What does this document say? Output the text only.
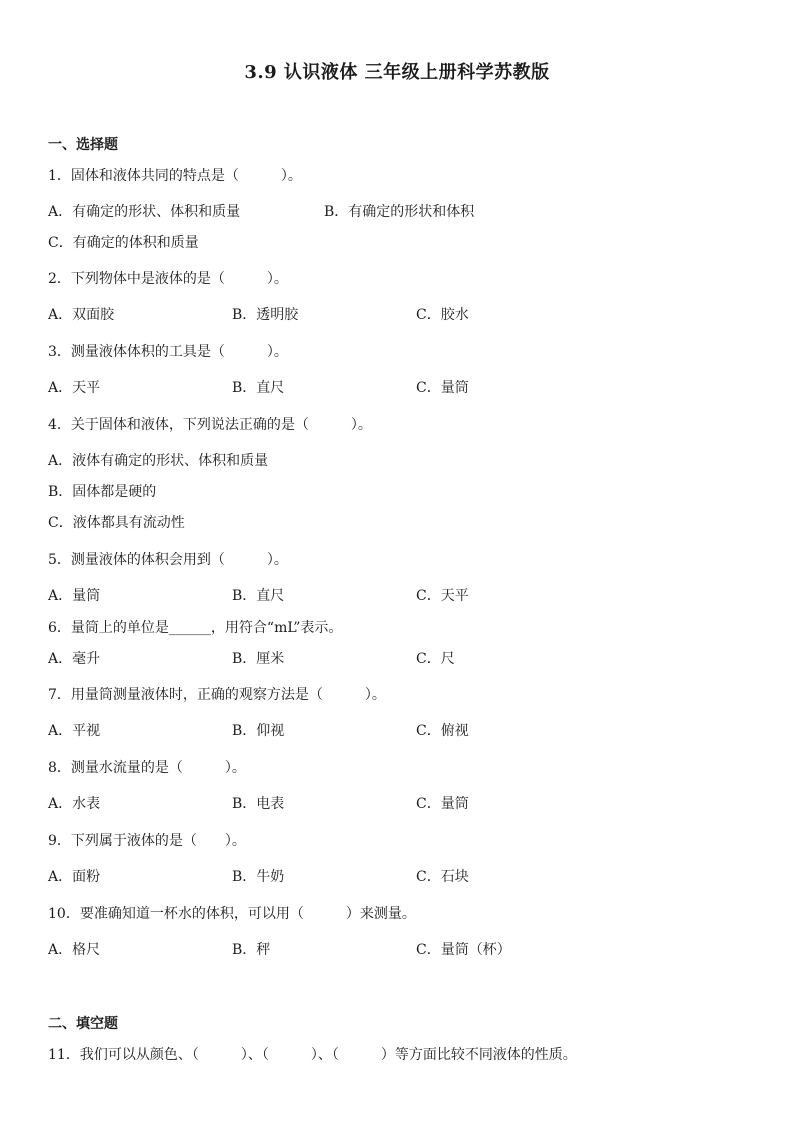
3.9 认识液体 三年级上册科学苏教版
一、选择题
1．固体和液体共同的特点是（　　　）。
A．有确定的形状、体积和质量	B．有确定的形状和体积
C．有确定的体积和质量
2．下列物体中是液体的是（　　　）。
A．双面胶	B．透明胶	C．胶水
3．测量液体体积的工具是（　　　）。
A．天平	B．直尺	C．量筒
4．关于固体和液体，下列说法正确的是（　　　）。
A．液体有确定的形状、体积和质量
B．固体都是硬的
C．液体都具有流动性
5．测量液体的体积会用到（　　　）。
A．量筒	B．直尺	C．天平
6．量筒上的单位是______，用符合“mL”表示。
A．毫升	B．厘米	C．尺
7．用量筒测量液体时，正确的观察方法是（　　　）。
A．平视	B．仰视	C．俯视
8．测量水流量的是（　　　）。
A．水表	B．电表	C．量筒
9．下列属于液体的是（　　）。
A．面粉	B．牛奶	C．石块
10．要准确知道一杯水的体积，可以用（　　　）来测量。
A．格尺	B．秤	C．量筒（杯）
二、填空题
11．我们可以从颜色、（　　　）、（　　　）、（　　　）等方面比较不同液体的性质。
